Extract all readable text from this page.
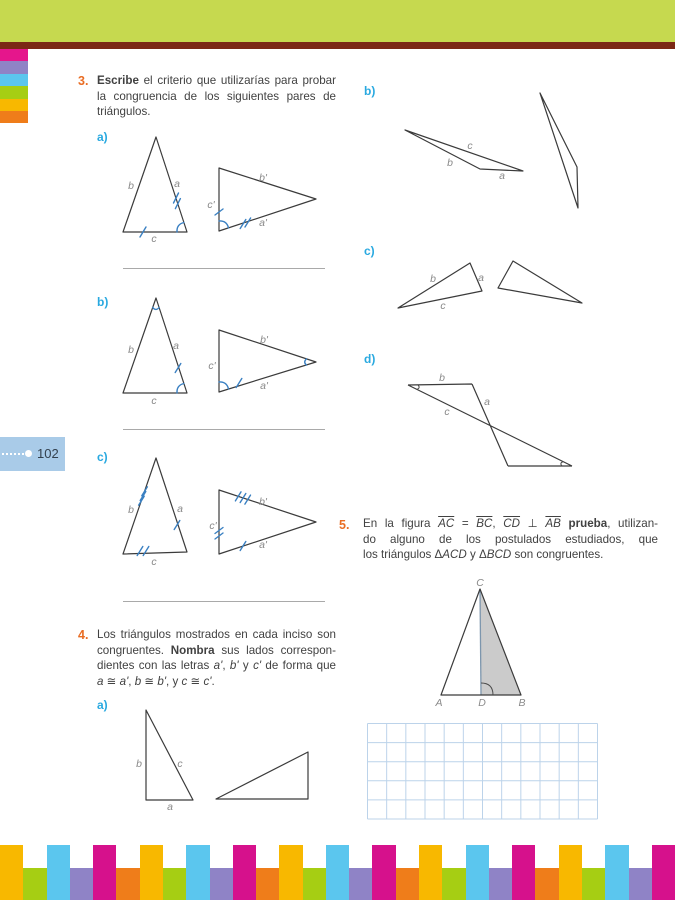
102
3. Escribe el criterio que utilizarías para probar
la congruencia de los siguientes pares de
triángulos.
a)
b	a
c
b'
c'
a'
b)
b	a
c
b'
c'
a'
c)
b	a
c
b'
c'
a'
4. Los triángulos mostrados en cada inciso son
congruentes. Nombra sus lados correspon-
dientes con las letras a', b' y c' de forma que
a ≅ a', b ≅ b', y c ≅ c'.
a)
b	c
a
b)
c
b
a
c)
b	a
c
d)
b
a
c
5. En la figura $\overline{AC} = \overline{BC}$, $\overline{CD}$ ⊥ $\overline{AB}$ prueba, utilizan-
do alguno de los postulados estudiados, que
los triángulos ΔACD y ΔBCD son congruentes.
C
A	D	B
